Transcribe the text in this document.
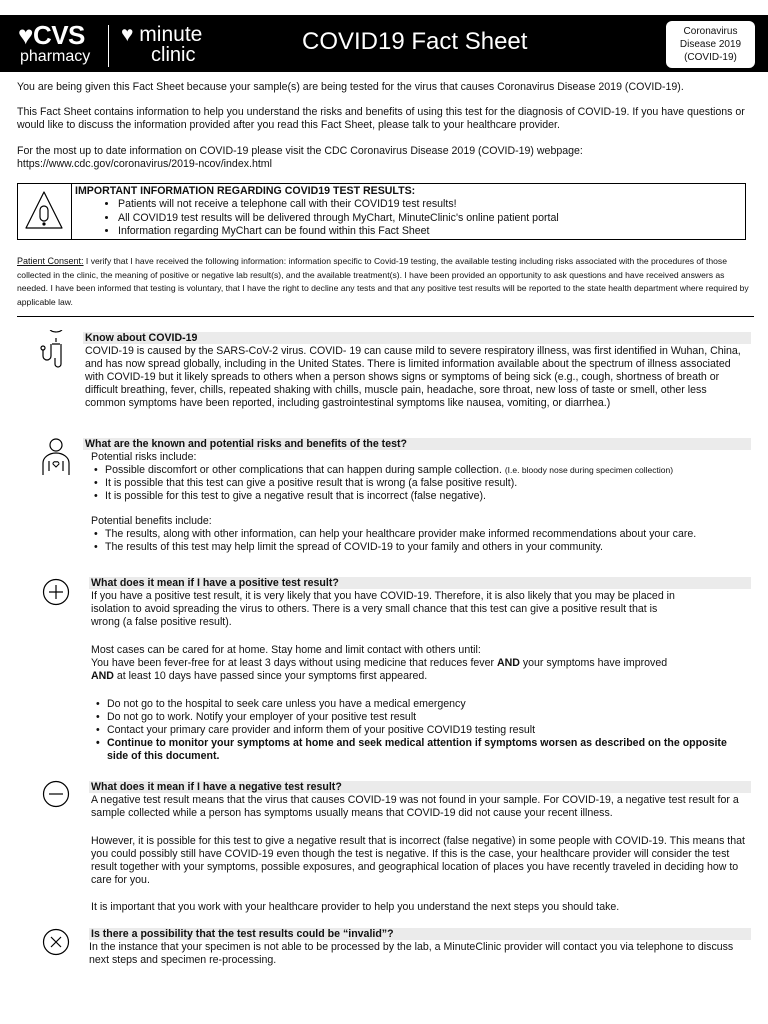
♥CVS
pharmacy
♥ minute
clinic	COVID19 Fact Sheet	Coronavirus
Disease 2019
(COVID-19)
You are being given this Fact Sheet because your sample(s) are being tested for the virus that causes Coronavirus Disease 2019 (COVID-19).
This Fact Sheet contains information to help you understand the risks and benefits of using this test for the diagnosis of COVID-19. If you have questions or would like to discuss the information provided after you read this Fact Sheet, please talk to your healthcare provider.
For the most up to date information on COVID-19 please visit the CDC Coronavirus Disease 2019 (COVID-19) webpage:
https://www.cdc.gov/coronavirus/2019-ncov/index.html
IMPORTANT INFORMATION REGARDING COVID19 TEST RESULTS:
• Patients will not receive a telephone call with their COVID19 test results!
• All COVID19 test results will be delivered through MyChart, MinuteClinic's online patient portal
• Information regarding MyChart can be found within this Fact Sheet
Patient Consent: I verify that I have received the following information: information specific to Covid-19 testing, the available testing including risks associated with the procedures of those collected in the clinic, the meaning of positive or negative lab result(s), and the available treatment(s). I have been provided an opportunity to ask questions and have received answers as needed. I have been informed that testing is voluntary, that I have the right to decline any tests and that any positive test results will be reported to the state health department where required by applicable law.
Know about COVID-19
COVID-19 is caused by the SARS-CoV-2 virus. COVID- 19 can cause mild to severe respiratory illness, was first identified in Wuhan, China, and has now spread globally, including in the United States. There is limited information available about the spectrum of illness associated with COVID-19 but it likely spreads to others when a person shows signs or symptoms of being sick (e.g., cough, shortness of breath or difficult breathing, fever, chills, repeated shaking with chills, muscle pain, headache, sore throat, new loss of taste or smell, other less common symptoms have been reported, including gastrointestinal symptoms like nausea, vomiting, or diarrhea.)
What are the known and potential risks and benefits of the test?
Potential risks include:
• Possible discomfort or other complications that can happen during sample collection. (I.e. bloody nose during specimen collection)
• It is possible that this test can give a positive result that is wrong (a false positive result).
• It is possible for this test to give a negative result that is incorrect (false negative).
Potential benefits include:
• The results, along with other information, can help your healthcare provider make informed recommendations about your care.
• The results of this test may help limit the spread of COVID-19 to your family and others in your community.
What does it mean if I have a positive test result?
If you have a positive test result, it is very likely that you have COVID-19. Therefore, it is also likely that you may be placed in isolation to avoid spreading the virus to others. There is a very small chance that this test can give a positive result that is wrong (a false positive result).
Most cases can be cared for at home. Stay home and limit contact with others until:
You have been fever-free for at least 3 days without using medicine that reduces fever AND your symptoms have improved AND at least 10 days have passed since your symptoms first appeared.
• Do not go to the hospital to seek care unless you have a medical emergency
• Do not go to work. Notify your employer of your positive test result
• Contact your primary care provider and inform them of your positive COVID19 testing result
• Continue to monitor your symptoms at home and seek medical attention if symptoms worsen as described on the opposite side of this document.
What does it mean if I have a negative test result?
A negative test result means that the virus that causes COVID-19 was not found in your sample. For COVID-19, a negative test result for a sample collected while a person has symptoms usually means that COVID-19 did not cause your recent illness.
However, it is possible for this test to give a negative result that is incorrect (false negative) in some people with COVID-19. This means that you could possibly still have COVID-19 even though the test is negative. If this is the case, your healthcare provider will consider the test result together with your symptoms, possible exposures, and geographical location of places you have recently traveled in deciding how to care for you.
It is important that you work with your healthcare provider to help you understand the next steps you should take.
Is there a possibility that the test results could be “invalid”?
In the instance that your specimen is not able to be processed by the lab, a MinuteClinic provider will contact you via telephone to discuss next steps and specimen re-processing.
